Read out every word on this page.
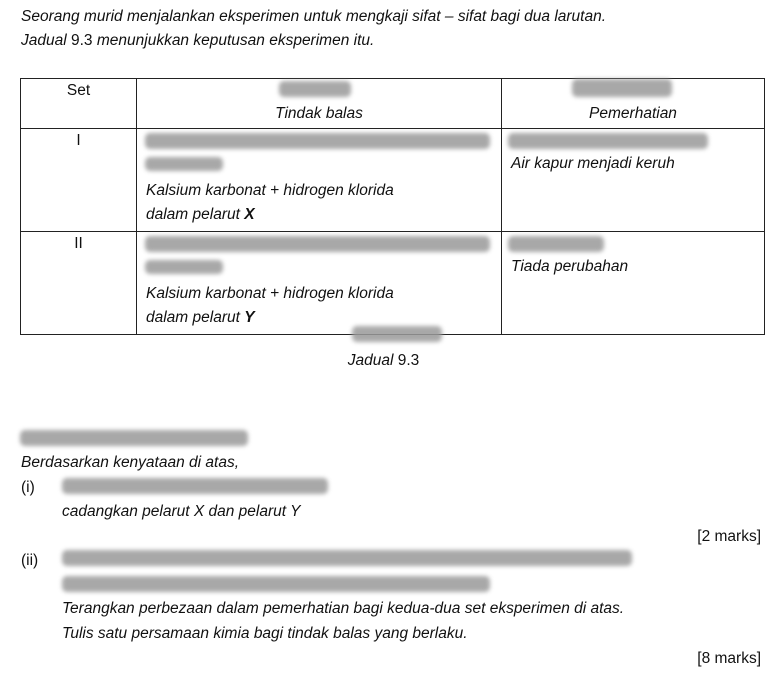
Seorang murid menjalankan eksperimen untuk mengkaji sifat – sifat bagi dua larutan.
Jadual 9.3 menunjukkan keputusan eksperimen itu.
Set	Tindak balas	Pemerhatian

I	Kalsium karbonat + hidrogen klorida
dalam pelarut X	Air kapur menjadi keruh

II	Kalsium karbonat + hidrogen klorida
dalam pelarut Y	Tiada perubahan
Jadual 9.3
Berdasarkan kenyataan di atas,
(i)
cadangkan pelarut X dan pelarut Y
[2 marks]
(ii)
Terangkan perbezaan dalam pemerhatian bagi kedua-dua set eksperimen di atas.
Tulis satu persamaan kimia bagi tindak balas yang berlaku.
[8 marks]
